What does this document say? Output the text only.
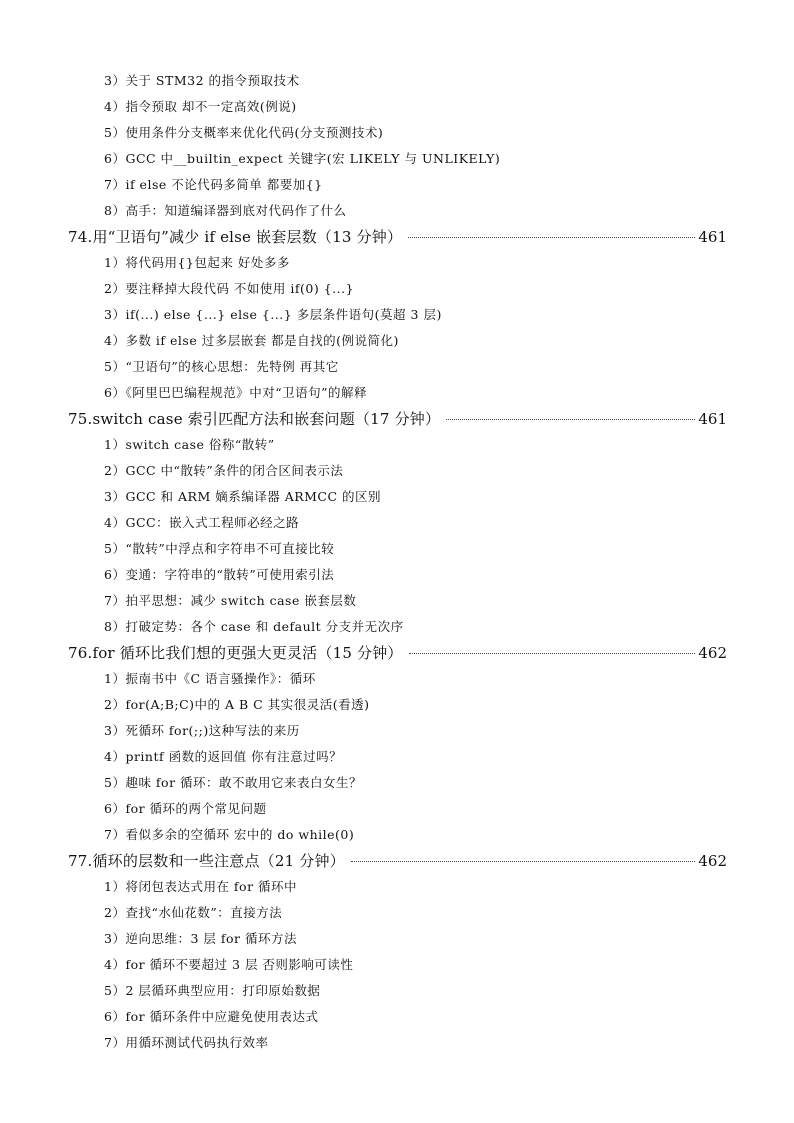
3）关于 STM32 的指令预取技术
4）指令预取 却不一定高效(例说)
5）使用条件分支概率来优化代码(分支预测技术)
6）GCC 中__builtin_expect 关键字(宏 LIKELY 与 UNLIKELY)
7）if else 不论代码多简单 都要加{}
8）高手：知道编译器到底对代码作了什么
74.用“卫语句”减少 if else 嵌套层数（13 分钟）	461
1）将代码用{}包起来 好处多多
2）要注释掉大段代码 不如使用 if(0) {...}
3）if(...) else {...} else {...} 多层条件语句(莫超 3 层)
4）多数 if else 过多层嵌套 都是自找的(例说简化)
5）“卫语句”的核心思想：先特例 再其它
6）《阿里巴巴编程规范》中对“卫语句”的解释
75.switch case 索引匹配方法和嵌套问题（17 分钟）	461
1）switch case 俗称“散转”
2）GCC 中“散转”条件的闭合区间表示法
3）GCC 和 ARM 嫡系编译器 ARMCC 的区别
4）GCC：嵌入式工程师必经之路
5）“散转”中浮点和字符串不可直接比较
6）变通：字符串的“散转”可使用索引法
7）拍平思想：减少 switch case 嵌套层数
8）打破定势：各个 case 和 default 分支并无次序
76.for 循环比我们想的更强大更灵活（15 分钟）	462
1）振南书中《C 语言骚操作》：循环
2）for(A;B;C)中的 A B C 其实很灵活(看透)
3）死循环 for(;;)这种写法的来历
4）printf 函数的返回值 你有注意过吗？
5）趣味 for 循环：敢不敢用它来表白女生？
6）for 循环的两个常见问题
7）看似多余的空循环 宏中的 do while(0)
77.循环的层数和一些注意点（21 分钟）	462
1）将闭包表达式用在 for 循环中
2）查找“水仙花数”：直接方法
3）逆向思维：3 层 for 循环方法
4）for 循环不要超过 3 层 否则影响可读性
5）2 层循环典型应用：打印原始数据
6）for 循环条件中应避免使用表达式
7）用循环测试代码执行效率
